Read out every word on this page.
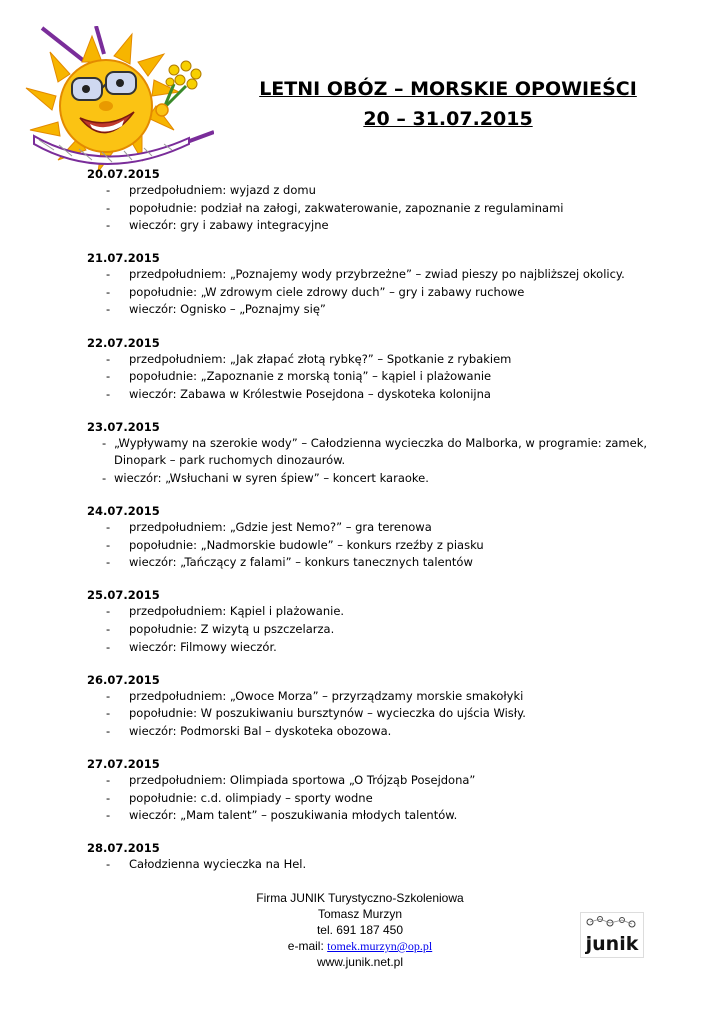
LETNI OBÓZ – MORSKIE OPOWIEŚCI
20 – 31.07.2015
20.07.2015
- przedpołudniem: wyjazd z domu
- popołudnie: podział na załogi, zakwaterowanie, zapoznanie z regulaminami
- wieczór: gry i zabawy integracyjne
21.07.2015
- przedpołudniem: „Poznajemy wody przybrzeżne” – zwiad pieszy po najbliższej okolicy.
- popołudnie: „W zdrowym ciele zdrowy duch” – gry i zabawy ruchowe
- wieczór: Ognisko – „Poznajmy się”
22.07.2015
- przedpołudniem: „Jak złapać złotą rybkę?” – Spotkanie z rybakiem
- popołudnie: „Zapoznanie z morską tonią” – kąpiel i plażowanie
- wieczór: Zabawa w Królestwie Posejdona – dyskoteka kolonijna
23.07.2015
- „Wypływamy na szerokie wody” – Całodzienna wycieczka do Malborka, w programie: zamek, Dinopark – park ruchomych dinozaurów.
- wieczór: „Wsłuchani w syren śpiew” – koncert karaoke.
24.07.2015
- przedpołudniem: „Gdzie jest Nemo?” – gra terenowa
- popołudnie: „Nadmorskie budowle” – konkurs rzeźby z piasku
- wieczór: „Tańczący z falami” – konkurs tanecznych talentów
25.07.2015
- przedpołudniem: Kąpiel i plażowanie.
- popołudnie: Z wizytą u pszczelarza.
- wieczór: Filmowy wieczór.
26.07.2015
- przedpołudniem: „Owoce Morza” – przyrządzamy morskie smakołyki
- popołudnie: W poszukiwaniu bursztynów – wycieczka do ujścia Wisły.
- wieczór: Podmorski Bal – dyskoteka obozowa.
27.07.2015
- przedpołudniem: Olimpiada sportowa „O Trójząb Posejdona”
- popołudnie: c.d. olimpiady – sporty wodne
- wieczór: „Mam talent” – poszukiwania młodych talentów.
28.07.2015
- Całodzienna wycieczka na Hel.
Firma JUNIK Turystyczno-Szkoleniowa
Tomasz Murzyn
tel. 691 187 450
e-mail: tomek.murzyn@op.pl
www.junik.net.pl
junik
